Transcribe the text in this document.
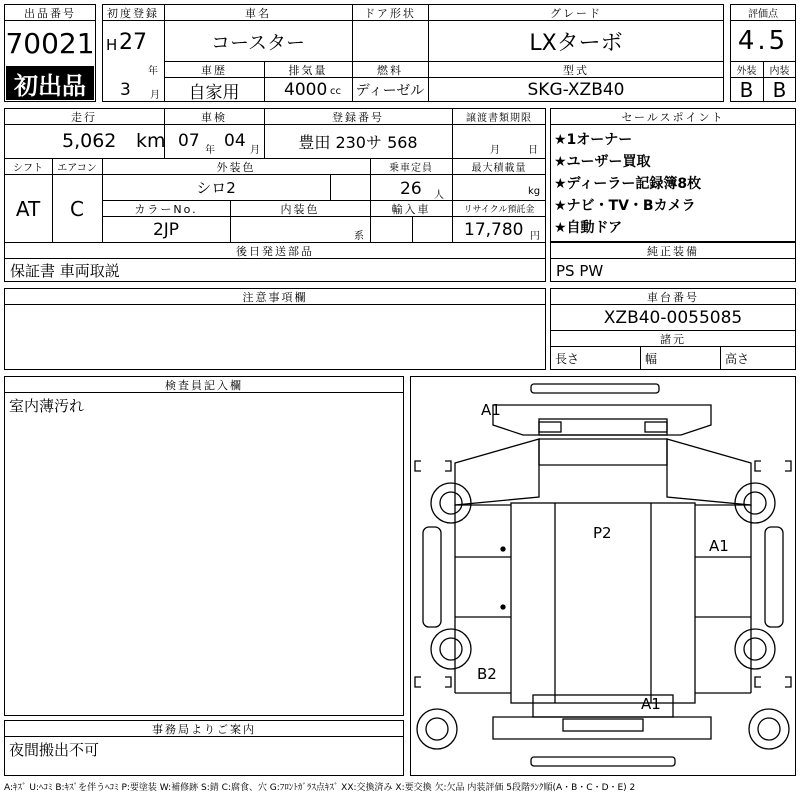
出品番号
70021
初出品
初度登録
H 27
年
3 月
車名
コースター
ドア形状	グレード
LXターボ
車歴
自家用
排気量
4000 cc
燃料
ディーゼル
型式
SKG-XZB40
評価点
4.5
外装	内装
B B
走行
5,062 km
車検
07 年 04 月
登録番号
豊田 230サ 568
譲渡書類期限
月	日
シフト
AT
エアコン
C
外装色
シロ2
乗車定員
26 人
最大積載量
kg
カラーNo.
2JP
内装色
系
輸入車	リサイクル預託金
17,780 円
後日発送部品
保証書 車両取説
セールスポイント
★1オーナー
★ユーザー買取
★ディーラー記録簿8枚
★ナビ・TV・Bカメラ
★自動ドア
純正装備
PS PW
注意事項欄	車台番号
XZB40-0055085
諸元
長さ	幅	高さ
検査員記入欄
室内薄汚れ
事務局よりご案内
夜間搬出不可
A1
P2
A1
B2
A1
A:ｷｽﾞ U:ﾍｺﾐ B:ｷｽﾞを伴うﾍｺﾐ P:要塗装 W:補修跡 S:錆 C:腐食、穴 G:ﾌﾛﾝﾄｶﾞﾗｽ点ｷｽﾞ XX:交換済み X:要交換 欠:欠品 内装評価 5段階ﾗﾝｸ順(A・B・C・D・E) 2
